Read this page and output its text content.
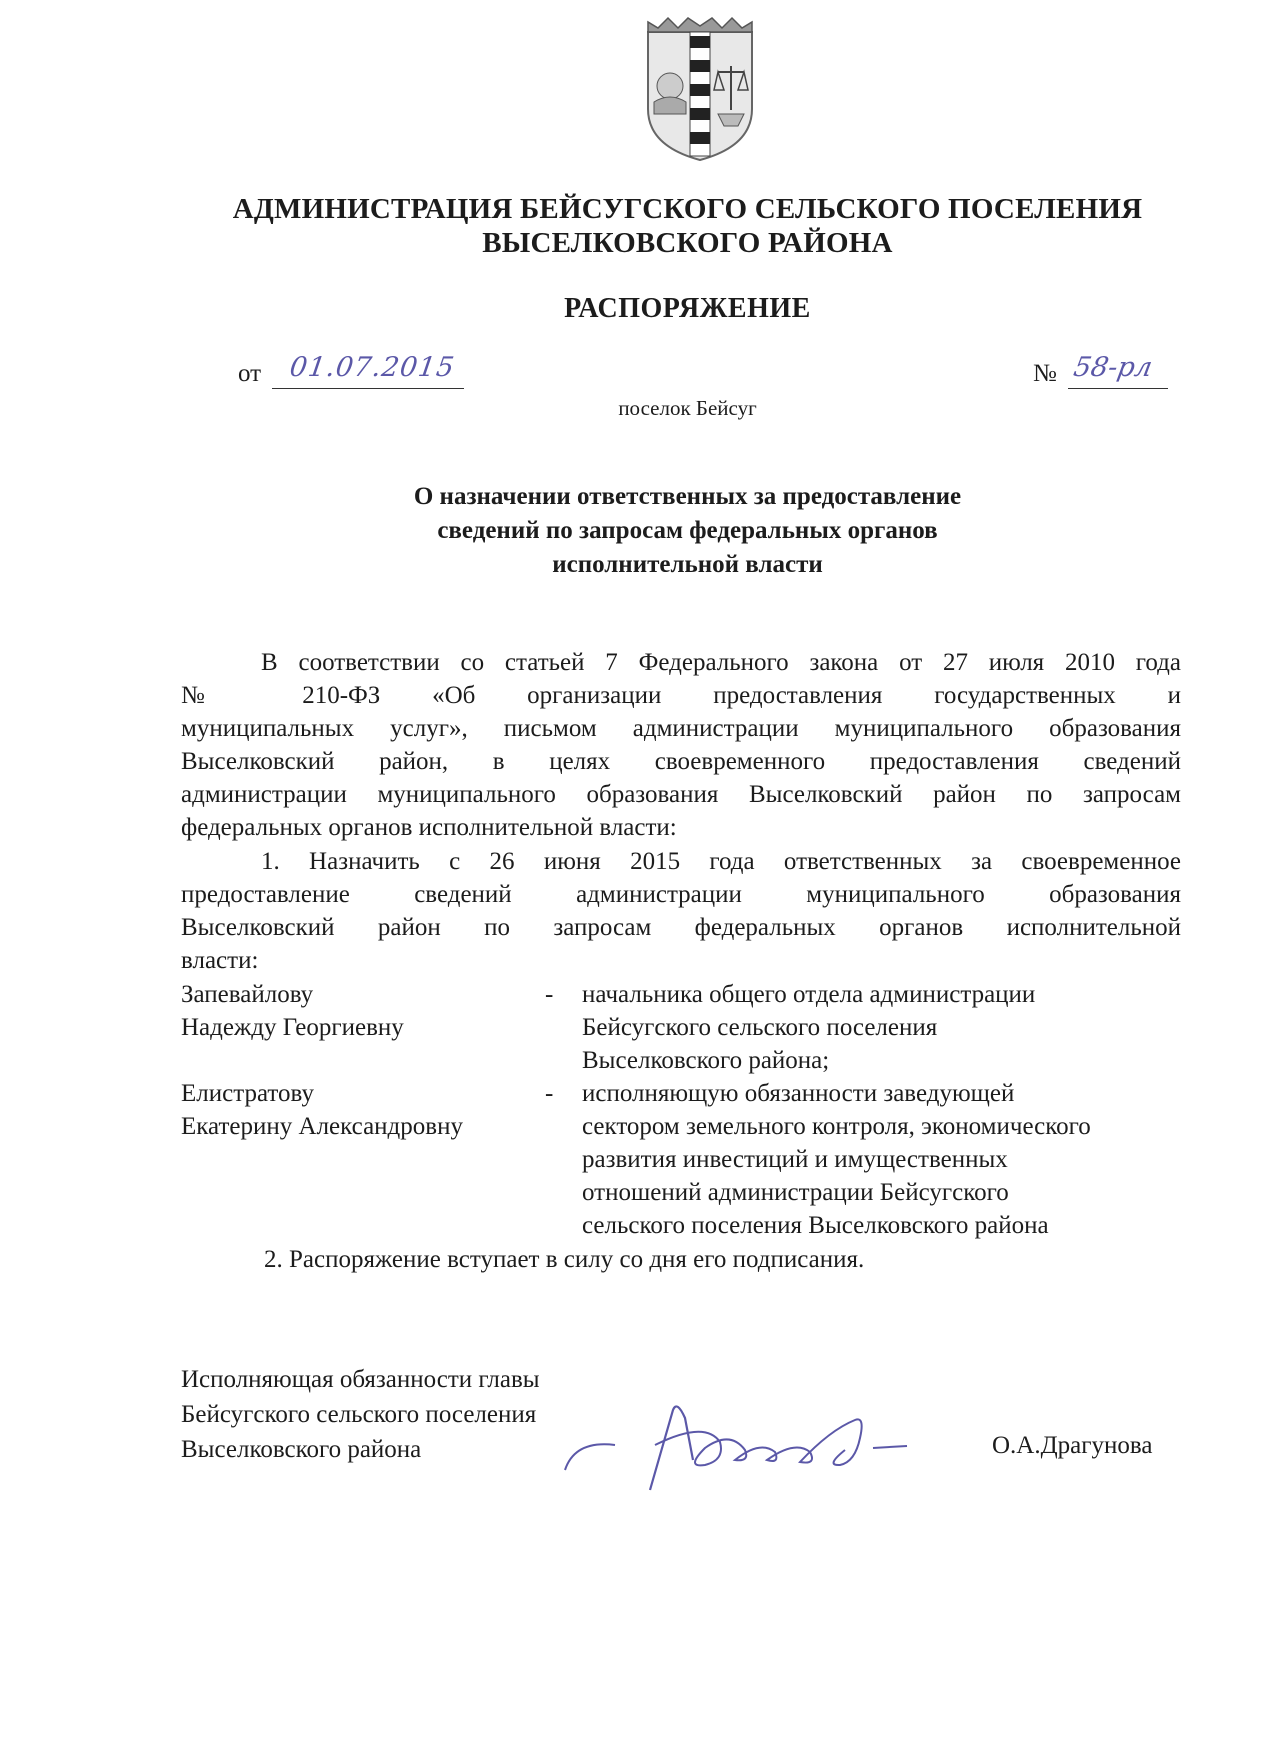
АДМИНИСТРАЦИЯ БЕЙСУГСКОГО СЕЛЬСКОГО ПОСЕЛЕНИЯ
ВЫСЕЛКОВСКОГО РАЙОНА
РАСПОРЯЖЕНИЕ
от 01.07.2015	№ 58-рл
поселок Бейсуг
О назначении ответственных за предоставление
сведений по запросам федеральных органов
исполнительной власти
В соответствии со статьей 7 Федерального закона от 27 июля 2010 года
№ 210-ФЗ «Об организации предоставления государственных и
муниципальных услуг», письмом администрации муниципального образования
Выселковский район, в целях своевременного предоставления сведений
администрации муниципального образования Выселковский район по запросам
федеральных органов исполнительной власти:
1. Назначить с 26 июня 2015 года ответственных за своевременное
предоставление сведений администрации муниципального образования
Выселковский район по запросам федеральных органов исполнительной
власти:
Запевайлову
Надежду Георгиевну
- начальника общего отдела администрации
Бейсугского сельского поселения
Выселковского района;
Елистратову
Екатерину Александровну
- исполняющую обязанности заведующей
сектором земельного контроля, экономического
развития инвестиций и имущественных
отношений администрации Бейсугского
сельского поселения Выселковского района
2. Распоряжение вступает в силу со дня его подписания.
Исполняющая обязанности главы
Бейсугского сельского поселения
Выселковского района	О.А.Драгунова
